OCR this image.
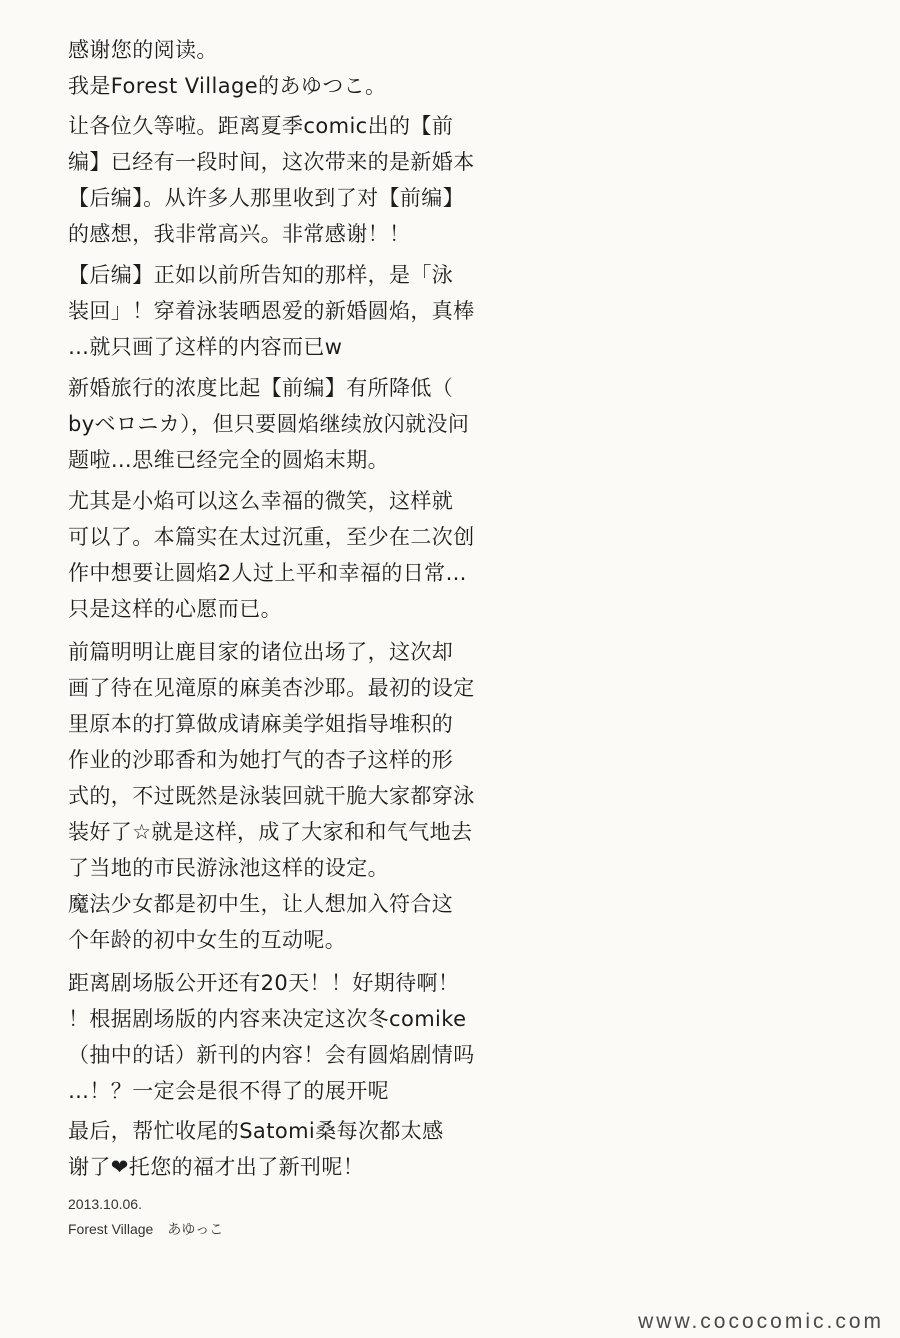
感谢您的阅读。
我是Forest Village的あゆつこ。
让各位久等啦。距离夏季comic出的【前
编】已经有一段时间，这次带来的是新婚本
【后编】。从许多人那里收到了对【前编】
的感想，我非常高兴。非常感谢！！
【后编】正如以前所告知的那样，是「泳
装回」！穿着泳装晒恩爱的新婚圆焰，真棒
…就只画了这样的内容而已w
新婚旅行的浓度比起【前编】有所降低（
byベロニカ），但只要圆焰继续放闪就没问
题啦…思维已经完全的圆焰末期。
尤其是小焰可以这么幸福的微笑，这样就
可以了。本篇实在太过沉重，至少在二次创
作中想要让圆焰2人过上平和幸福的日常…
只是这样的心愿而已。
前篇明明让鹿目家的诸位出场了，这次却
画了待在见滝原的麻美杏沙耶。最初的设定
里原本的打算做成请麻美学姐指导堆积的
作业的沙耶香和为她打气的杏子这样的形
式的，不过既然是泳装回就干脆大家都穿泳
装好了☆就是这样，成了大家和和气气地去
了当地的市民游泳池这样的设定。
魔法少女都是初中生，让人想加入符合这
个年龄的初中女生的互动呢。
距离剧场版公开还有20天！！好期待啊！
！根据剧场版的内容来决定这次冬comike
（抽中的话）新刊的内容！会有圆焰剧情吗
…！？一定会是很不得了的展开呢
最后，帮忙收尾的Satomi桑每次都太感
谢了❤托您的福才出了新刊呢！
2013.10.06.
Forest Village　あゆっこ
www.cococomic.com
